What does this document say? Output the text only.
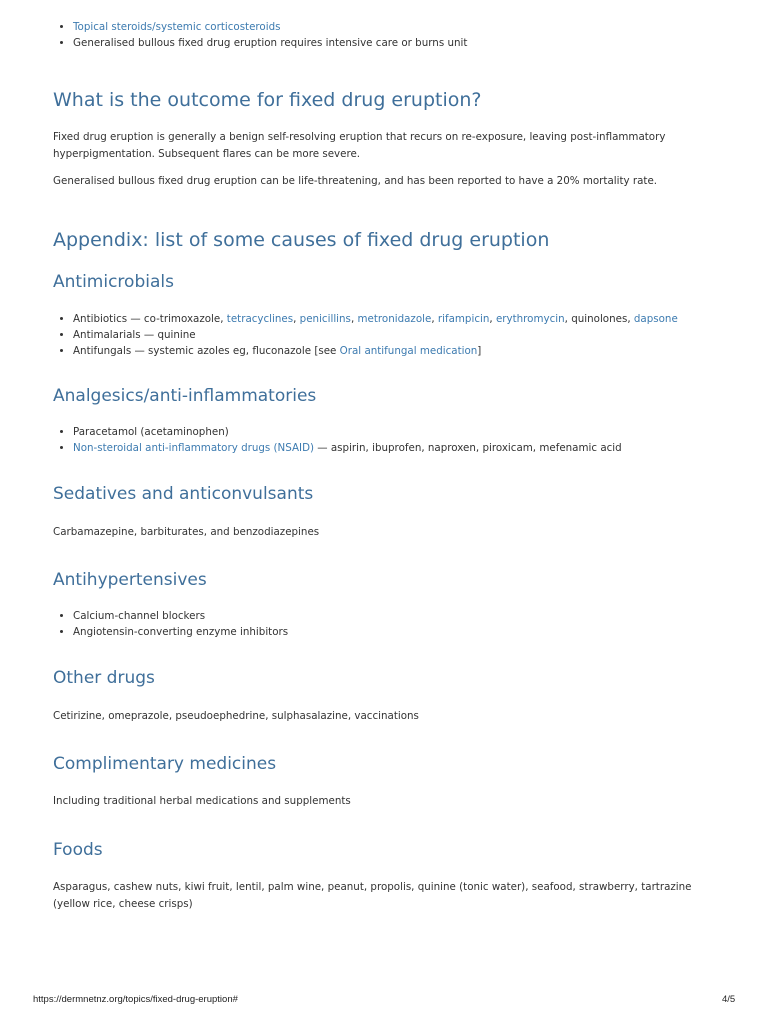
• Topical steroids/systemic corticosteroids
• Generalised bullous fixed drug eruption requires intensive care or burns unit
What is the outcome for fixed drug eruption?

Fixed drug eruption is generally a benign self-resolving eruption that recurs on re-exposure, leaving post-inflammatory hyperpigmentation. Subsequent flares can be more severe.

Generalised bullous fixed drug eruption can be life-threatening, and has been reported to have a 20% mortality rate.

Appendix: list of some causes of fixed drug eruption
Antimicrobials
• Antibiotics — co-trimoxazole, tetracyclines, penicillins, metronidazole, rifampicin, erythromycin, quinolones, dapsone
• Antimalarials — quinine
• Antifungals — systemic azoles eg, fluconazole [see Oral antifungal medication]
Analgesics/anti-inflammatories
• Paracetamol (acetaminophen)
• Non-steroidal anti-inflammatory drugs (NSAID) — aspirin, ibuprofen, naproxen, piroxicam, mefenamic acid
Sedatives and anticonvulsants

Carbamazepine, barbiturates, and benzodiazepines

Antihypertensives
• Calcium-channel blockers
• Angiotensin-converting enzyme inhibitors
Other drugs

Cetirizine, omeprazole, pseudoephedrine, sulphasalazine, vaccinations

Complimentary medicines

Including traditional herbal medications and supplements

Foods

Asparagus, cashew nuts, kiwi fruit, lentil, palm wine, peanut, propolis, quinine (tonic water), seafood, strawberry, tartrazine (yellow rice, cheese crisps)

https://dermnetnz.org/topics/fixed-drug-eruption#	4/5
